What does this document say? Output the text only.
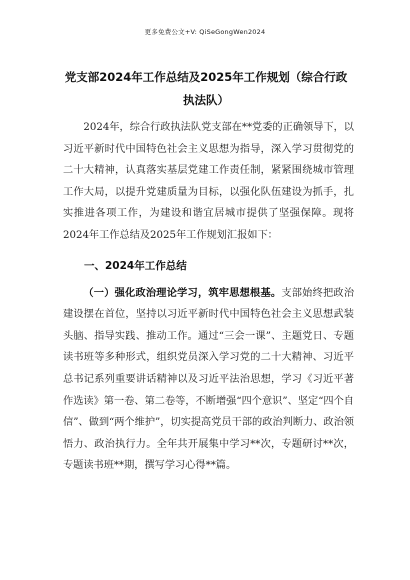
更多免费公文+V: QiSeGongWen2024
党支部2024年工作总结及2025年工作规划（综合行政执法队）

2024年，综合行政执法队党支部在**党委的正确领导下，以习近平新时代中国特色社会主义思想为指导，深入学习贯彻党的二十大精神，认真落实基层党建工作责任制，紧紧围绕城市管理工作大局，以提升党建质量为目标，以强化队伍建设为抓手，扎实推进各项工作，为建设和谐宜居城市提供了坚强保障。现将2024年工作总结及2025年工作规划汇报如下：

一、2024年工作总结

（一）强化政治理论学习，筑牢思想根基。支部始终把政治建设摆在首位，坚持以习近平新时代中国特色社会主义思想武装头脑、指导实践、推动工作。通过“三会一课”、主题党日、专题读书班等多种形式，组织党员深入学习党的二十大精神、习近平总书记系列重要讲话精神以及习近平法治思想，学习《习近平著作选读》第一卷、第二卷等，不断增强“四个意识”、坚定“四个自信”、做到“两个维护”，切实提高党员干部的政治判断力、政治领悟力、政治执行力。全年共开展集中学习**次，专题研讨**次，专题读书班**期，撰写学习心得**篇。
